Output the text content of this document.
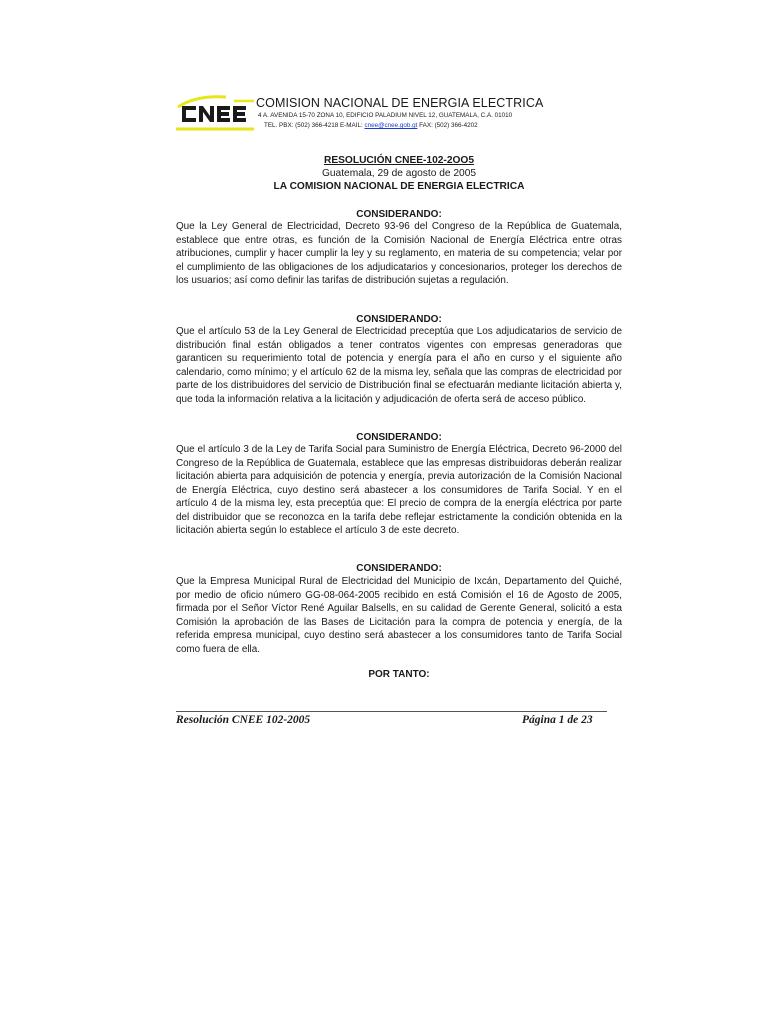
COMISION NACIONAL DE ENERGIA ELECTRICA
4 A. AVENIDA 15-70 ZONA 10, EDIFICIO PALADIUM NIVEL 12, GUATEMALA, C.A. 01010
TEL. PBX: (502) 366-4218 E-MAIL: cnee@cnee.gob.gt FAX: (502) 366-4202
RESOLUCIÓN CNEE-102-2OO5
Guatemala, 29 de agosto de 2005
LA COMISION NACIONAL DE ENERGIA ELECTRICA
CONSIDERANDO:

Que la Ley General de Electricidad, Decreto 93-96 del Congreso de la República de Guatemala, establece que entre otras, es función de la Comisión Nacional de Energía Eléctrica entre otras atribuciones, cumplir y hacer cumplir la ley y su reglamento, en materia de su competencia; velar por el cumplimiento de las obligaciones de los adjudicatarios y concesionarios, proteger los derechos de los usuarios; así como definir las tarifas de distribución sujetas a regulación.

CONSIDERANDO:

Que el artículo 53 de la Ley General de Electricidad preceptúa que Los adjudicatarios de servicio de distribución final están obligados a tener contratos vigentes con empresas generadoras que garanticen su requerimiento total de potencia y energía para el año en curso y el siguiente año calendario, como mínimo; y el artículo 62 de la misma ley, señala que las compras de electricidad por parte de los distribuidores del servicio de Distribución final se efectuarán mediante licitación abierta y, que toda la información relativa a la licitación y adjudicación de oferta será de acceso público.

CONSIDERANDO:

Que el artículo 3 de la Ley de Tarifa Social para Suministro de Energía Eléctrica, Decreto 96-2000 del Congreso de la República de Guatemala, establece que las empresas distribuidoras deberán realizar licitación abierta para adquisición de potencia y energía, previa autorización de la Comisión Nacional de Energía Eléctrica, cuyo destino será abastecer a los consumidores de Tarifa Social. Y en el artículo 4 de la misma ley, esta preceptúa que: El precio de compra de la energía eléctrica por parte del distribuidor que se reconozca en la tarifa debe reflejar estrictamente la condición obtenida en la licitación abierta según lo establece el artículo 3 de este decreto.

CONSIDERANDO:

Que la Empresa Municipal Rural de Electricidad del Municipio de Ixcán, Departamento del Quiché, por medio de oficio número GG-08-064-2005 recibido en está Comisión el 16 de Agosto de 2005, firmada por el Señor Víctor René Aguilar Balsells, en su calidad de Gerente General, solicitó a esta Comisión la aprobación de las Bases de Licitación para la compra de potencia y energía, de la referida empresa municipal, cuyo destino será abastecer a los consumidores tanto de Tarifa Social como fuera de ella.

POR TANTO:
Resolución CNEE 102-2005	Página 1 de 23
